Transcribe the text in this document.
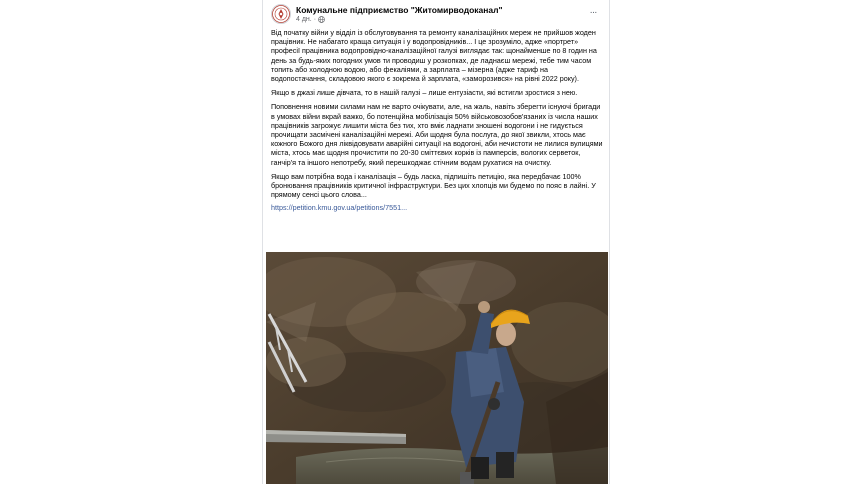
Комунальне підприємство "Житомирводоканал"
4 дн. ·
···

Від початку війни у відділ із обслуговування та ремонту каналізаційних мереж не прийшов жоден працівник. Не набагато краща ситуація і у водопровідників... І це зрозуміло, адже «портрет» професії працівника водопровідно-каналізаційної галузі виглядає так: щонайменше по 8 годин на день за будь-яких погодних умов ти проводиш у розкопках, де ладнаєш мережі, тебе тим часом топить або холодною водою, або фекаліями, а зарплата – мізерна (адже тариф на водопостачання, складовою якого є зокрема й зарплата, «заморозився» на рівні 2022 року).

Якщо в джазі лише дівчата, то в нашій галузі – лише ентузіасти, які встигли зростися з нею.

Поповнення новими силами нам не варто очікувати, але, на жаль, навіть зберегти існуючі бригади в умовах війни вкрай важко, бо потенційна мобілізація 50% військовозобов'язаних із числа наших працівників загрожує лишити міста без тих, хто вміє ладнати зношені водогони і не гидується прочищати засмічені каналізаційні мережі. Аби щодня була послуга, до якої звикли, хтось має кожного Божого дня ліквідовувати аварійні ситуації на водогоні, аби нечистоти не лилися вулицями міста, хтось має щодня прочистити по 20-30 сміттєвих корків із памперсів, вологих серветок, ганчір'я та іншого непотребу, який перешкоджає стічним водам рухатися на очистку.

Якщо вам потрібна вода і каналізація – будь ласка, підпишіть петицію, яка передбачає 100% бронювання працівників критичної інфраструктури. Без цих хлопців ми будемо по пояс в лайні. У прямому сенсі цього слова...

https://petition.kmu.gov.ua/petitions/7551...
